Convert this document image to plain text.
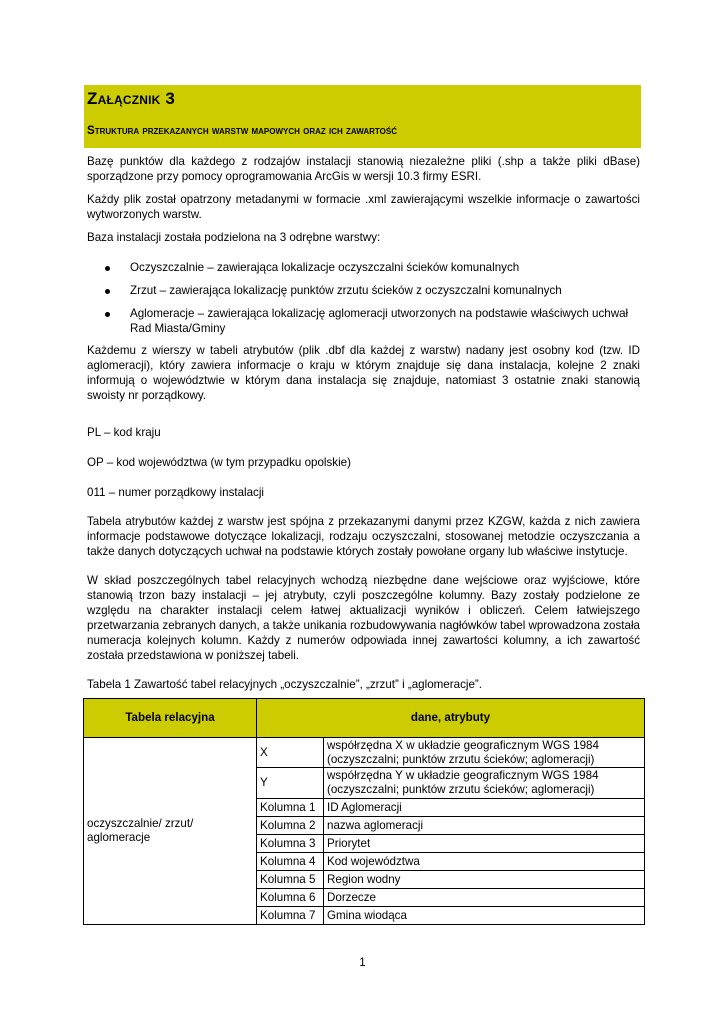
Załącznik 3
Struktura przekazanych warstw mapowych oraz ich zawartość

Bazę punktów dla każdego z rodzajów instalacji stanowią niezależne pliki (.shp a także pliki dBase) sporządzone przy pomocy oprogramowania ArcGis w wersji 10.3 firmy ESRI.

Każdy plik został opatrzony metadanymi w formacie .xml zawierającymi wszelkie informacje o zawartości wytworzonych warstw.

Baza instalacji została podzielona na 3 odrębne warstwy:

Oczyszczalnie – zawierająca lokalizacje oczyszczalni ścieków komunalnych
Zrzut – zawierająca lokalizację punktów zrzutu ścieków z oczyszczalni komunalnych
Aglomeracje – zawierająca lokalizację aglomeracji utworzonych na podstawie właściwych uchwał Rad Miasta/Gminy

Każdemu z wierszy w tabeli atrybutów (plik .dbf dla każdej z warstw) nadany jest osobny kod (tzw. ID aglomeracji), który zawiera informacje o kraju w którym znajduje się dana instalacja, kolejne 2 znaki informują o województwie w którym dana instalacja się znajduje, natomiast 3 ostatnie znaki stanowią swoisty nr porządkowy.

PL – kod kraju

OP – kod województwa (w tym przypadku opolskie)

011 – numer porządkowy instalacji

Tabela atrybutów każdej z warstw jest spójna z przekazanymi danymi przez KZGW, każda z nich zawiera informacje podstawowe dotyczące lokalizacji, rodzaju oczyszczalni, stosowanej metodzie oczyszczania a także danych dotyczących uchwał na podstawie których zostały powołane organy lub właściwe instytucje.

W skład poszczególnych tabel relacyjnych wchodzą niezbędne dane wejściowe oraz wyjściowe, które stanowią trzon bazy instalacji – jej atrybuty, czyli poszczególne kolumny. Bazy zostały podzielone ze względu na charakter instalacji celem łatwej aktualizacji wyników i obliczeń. Celem łatwiejszego przetwarzania zebranych danych, a także unikania rozbudowywania nagłówków tabel wprowadzona została numeracja kolejnych kolumn. Każdy z numerów odpowiada innej zawartości kolumny, a ich zawartość została przedstawiona w poniższej tabeli.

Tabela 1 Zawartość tabel relacyjnych „oczyszczalnie”, „zrzut” i „aglomeracje”.
Tabela relacyjna	dane, atrybuty	
oczyszczalnie/ zrzut/ aglomeracje	X	współrzędna X w układzie geograficznym WGS 1984 (oczyszczalni; punktów zrzutu ścieków; aglomeracji)
	Y	współrzędna Y w układzie geograficznym WGS 1984 (oczyszczalni; punktów zrzutu ścieków; aglomeracji)
	Kolumna 1	ID Aglomeracji
	Kolumna 2	nazwa aglomeracji
	Kolumna 3	Priorytet
	Kolumna 4	Kod województwa
	Kolumna 5	Region wodny
	Kolumna 6	Dorzecze
	Kolumna 7	Gmina wiodąca
1
